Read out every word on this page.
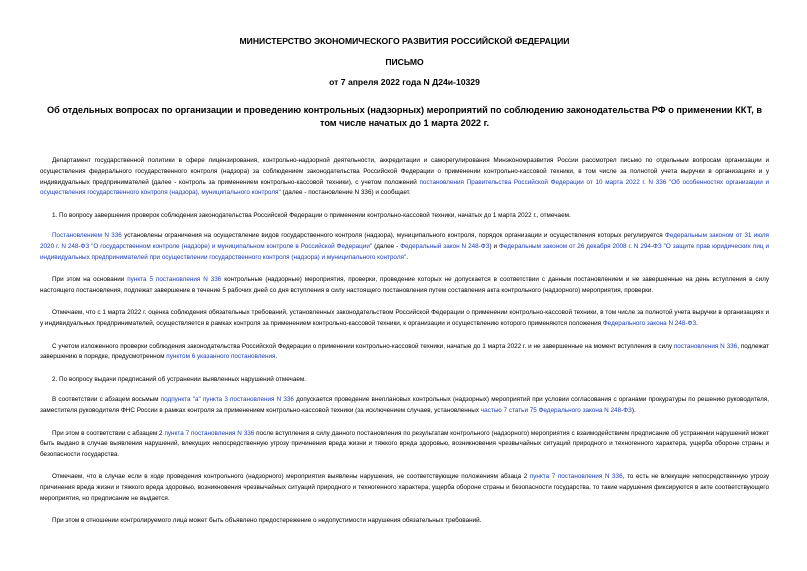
МИНИСТЕРСТВО ЭКОНОМИЧЕСКОГО РАЗВИТИЯ РОССИЙСКОЙ ФЕДЕРАЦИИ
ПИСЬМО
от 7 апреля 2022 года N Д24и-10329
Об отдельных вопросах по организации и проведению контрольных (надзорных) мероприятий по соблюдению законодательства РФ о применении ККТ, в том числе начатых до 1 марта 2022 г.

Департамент государственной политики в сфере лицензирования, контрольно-надзорной деятельности, аккредитации и саморегулирования Минэкономразвития России рассмотрел письмо по отдельным вопросам организации и осуществления федерального государственного контроля (надзора) за соблюдением законодательства Российской Федерации о применении контрольно-кассовой техники, в том числе за полнотой учета выручки в организациях и у индивидуальных предпринимателей (далее - контроль за применением контрольно-кассовой техники), с учетом положений постановления Правительства Российской Федерации от 10 марта 2022 г. N 336 "Об особенностях организации и осуществления государственного контроля (надзора), муниципального контроля" (далее - постановление N 336) и сообщает.

1. По вопросу завершения проверок соблюдения законодательства Российской Федерации о применении контрольно-кассовой техники, начатых до 1 марта 2022 г., отмечаем.

Постановлением N 336 установлены ограничения на осуществление видов государственного контроля (надзора), муниципального контроля, порядок организации и осуществления которых регулируется Федеральным законом от 31 июля 2020 г. N 248-ФЗ "О государственном контроле (надзоре) и муниципальном контроле в Российской Федерации" (далее - Федеральный закон N 248-ФЗ) и Федеральным законом от 26 декабря 2008 г. N 294-ФЗ "О защите прав юридических лиц и индивидуальных предпринимателей при осуществлении государственного контроля (надзора) и муниципального контроля".

При этом на основании пункта 5 постановления N 336 контрольные (надзорные) мероприятия, проверки, проведение которых не допускается в соответствии с данным постановлением и не завершенные на день вступления в силу настоящего постановления, подлежат завершение в течение 5 рабочих дней со дня вступления в силу настоящего постановления путем составления акта контрольного (надзорного) мероприятия, проверки.

Отмечаем, что с 1 марта 2022 г. оценка соблюдения обязательных требований, установленных законодательством Российской Федерации о применении контрольно-кассовой техники, в том числе за полнотой учета выручки в организациях и у индивидуальных предпринимателей, осуществляется в рамках контроля за применением контрольно-кассовой техники, к организации и осуществлению которого применяются положения Федерального закона N 248-ФЗ.

С учетом изложенного проверки соблюдения законодательства Российской Федерации о применении контрольно-кассовой техники, начатые до 1 марта 2022 г. и не завершенные на момент вступления в силу постановления N 336, подлежат завершению в порядке, предусмотренном пунктом 6 указанного постановления.

2. По вопросу выдачи предписаний об устранении выявленных нарушений отмечаем.

В соответствии с абзацем восьмым подпункта "а" пункта 3 постановления N 336 допускается проведение внеплановых контрольных (надзорных) мероприятий при условии согласования с органами прокуратуры по решению руководителя, заместителя руководителя ФНС России в рамках контроля за применением контрольно-кассовой техники (за исключением случаев, установленных частью 7 статьи 75 Федерального закона N 248-ФЗ).

При этом в соответствии с абзацем 2 пункта 7 постановления N 336 после вступления в силу данного постановления по результатам контрольного (надзорного) мероприятия с взаимодействием предписание об устранении нарушений может быть выдано в случае выявления нарушений, влекущих непосредственную угрозу причинения вреда жизни и тяжкого вреда здоровью, возникновения чрезвычайных ситуаций природного и техногенного характера, ущерба обороне страны и безопасности государства.

Отмечаем, что в случае если в ходе проведения контрольного (надзорного) мероприятия выявлены нарушения, не соответствующие положениям абзаца 2 пункта 7 постановления N 336, то есть не влекущие непосредственную угрозу причинения вреда жизни и тяжкого вреда здоровью, возникновения чрезвычайных ситуаций природного и техногенного характера, ущерба обороне страны и безопасности государства, то такие нарушения фиксируются в акте соответствующего мероприятия, но предписание не выдается.

При этом в отношении контролируемого лица может быть объявлено предостережение о недопустимости нарушения обязательных требований.
